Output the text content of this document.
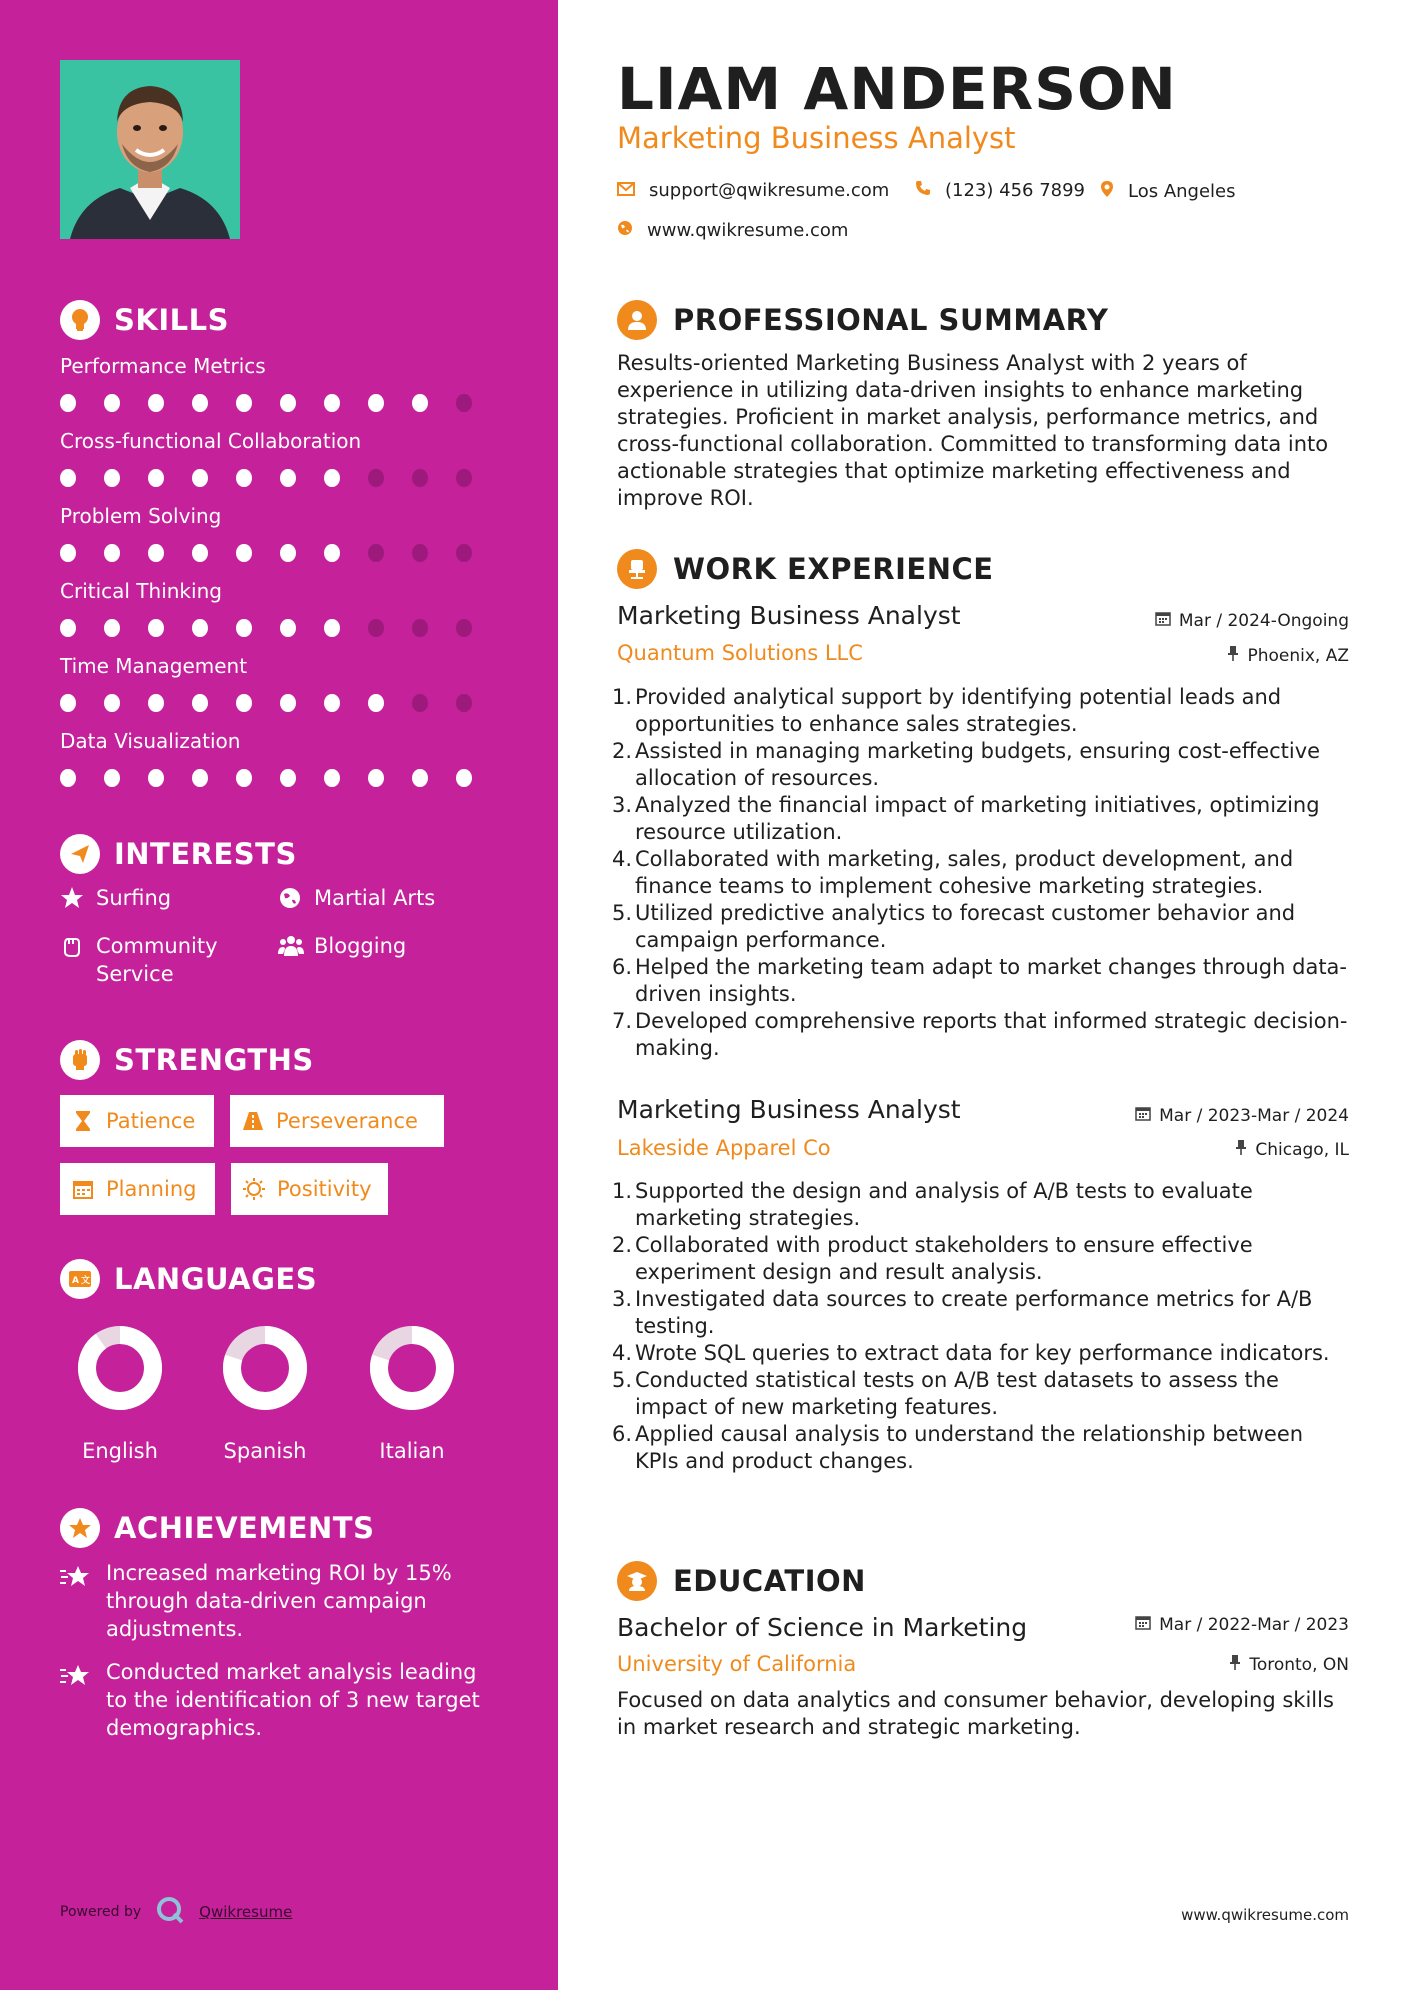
SKILLS
Performance Metrics
Cross-functional Collaboration
Problem Solving
Critical Thinking
Time Management
Data Visualization
INTERESTS
Surfing	Martial Arts
Community Service
Blogging
STRENGTHS
Patience	Perseverance
Planning	Positivity
A 文 LANGUAGES
English	Spanish	Italian
ACHIEVEMENTS
Increased marketing ROI by 15% through data-driven campaign adjustments.
Conducted market analysis leading to the identification of 3 new target demographics.
Powered by	Qwikresume
LIAM ANDERSON
Marketing Business Analyst
support@qwikresume.com	(123) 456 7899 Los Angeles
www.qwikresume.com
PROFESSIONAL SUMMARY
Results-oriented Marketing Business Analyst with 2 years of experience in utilizing data-driven insights to enhance marketing strategies. Proficient in market analysis, performance metrics, and cross-functional collaboration. Committed to transforming data into actionable strategies that optimize marketing effectiveness and improve ROI.
WORK EXPERIENCE
Marketing Business Analyst	Mar / 2024-Ongoing
Quantum Solutions LLC	Phoenix, AZ
1. Provided analytical support by identifying potential leads and opportunities to enhance sales strategies.
2. Assisted in managing marketing budgets, ensuring cost-effective allocation of resources.
3. Analyzed the financial impact of marketing initiatives, optimizing resource utilization.
4. Collaborated with marketing, sales, product development, and finance teams to implement cohesive marketing strategies.
5. Utilized predictive analytics to forecast customer behavior and campaign performance.
6. Helped the marketing team adapt to market changes through data-driven insights.
7. Developed comprehensive reports that informed strategic decision-making.
Marketing Business Analyst	Mar / 2023-Mar / 2024
Lakeside Apparel Co	Chicago, IL
1. Supported the design and analysis of A/B tests to evaluate marketing strategies.
2. Collaborated with product stakeholders to ensure effective experiment design and result analysis.
3. Investigated data sources to create performance metrics for A/B testing.
4. Wrote SQL queries to extract data for key performance indicators.
5. Conducted statistical tests on A/B test datasets to assess the impact of new marketing features.
6. Applied causal analysis to understand the relationship between KPIs and product changes.
EDUCATION
Bachelor of Science in Marketing	Mar / 2022-Mar / 2023
University of California	Toronto, ON
Focused on data analytics and consumer behavior, developing skills in market research and strategic marketing.
www.qwikresume.com
